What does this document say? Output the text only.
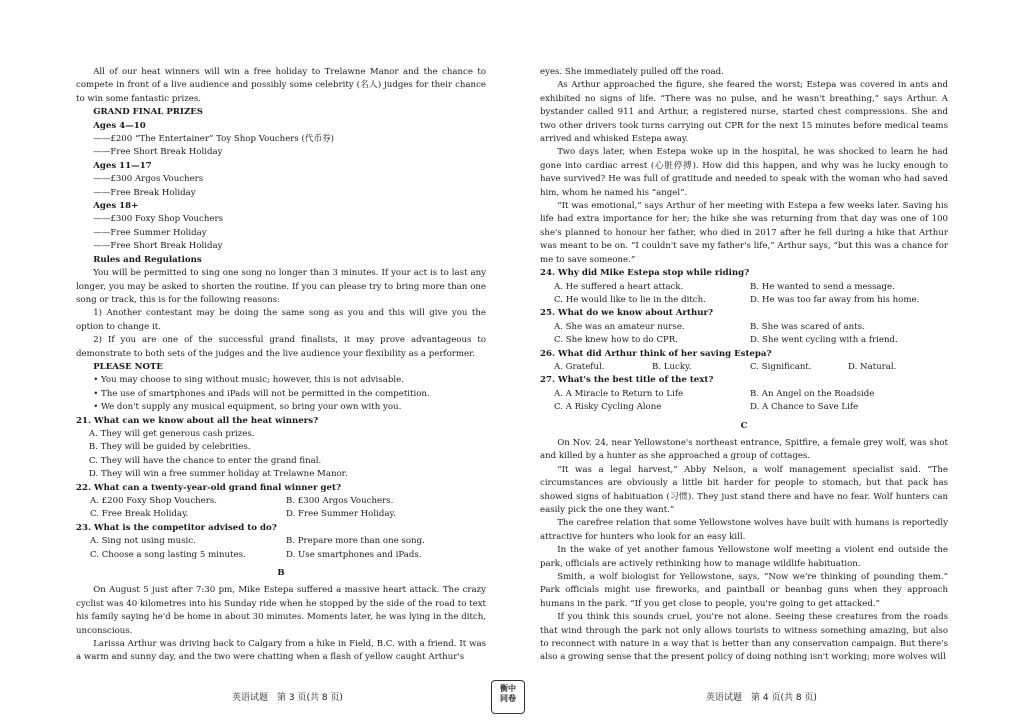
All of our heat winners will win a free holiday to Trelawne Manor and the chance to compete in front of a live audience and possibly some celebrity (名人) judges for their chance to win some fantastic prizes.

GRAND FINAL PRIZES
Ages 4—10
——£200 “The Entertainer” Toy Shop Vouchers (代币券)
——Free Short Break Holiday
Ages 11—17
——£300 Argos Vouchers
——Free Break Holiday
Ages 18+
——£300 Foxy Shop Vouchers
——Free Summer Holiday
——Free Short Break Holiday
Rules and Regulations

You will be permitted to sing one song no longer than 3 minutes. If your act is to last any longer, you may be asked to shorten the routine. If you can please try to bring more than one song or track, this is for the following reasons:

1) Another contestant may be doing the same song as you and this will give you the option to change it.

2) If you are one of the successful grand finalists, it may prove advantageous to demonstrate to both sets of the judges and the live audience your flexibility as a performer.

PLEASE NOTE
• You may choose to sing without music; however, this is not advisable.
• The use of smartphones and iPads will not be permitted in the competition.
• We don't supply any musical equipment, so bring your own with you.
21. What can we know about all the heat winners?
A. They will get generous cash prizes.
B. They will be guided by celebrities.
C. They will have the chance to enter the grand final.
D. They will win a free summer holiday at Trelawne Manor.
22. What can a twenty-year-old grand final winner get?
A. £200 Foxy Shop Vouchers.	B. £300 Argos Vouchers.
C. Free Break Holiday.	D. Free Summer Holiday.
23. What is the competitor advised to do?
A. Sing not using music.	B. Prepare more than one song.
C. Choose a song lasting 5 minutes.	D. Use smartphones and iPads.
B

On August 5 just after 7:30 pm, Mike Estepa suffered a massive heart attack. The crazy cyclist was 40 kilometres into his Sunday ride when he stopped by the side of the road to text his family saying he'd be home in about 30 minutes. Moments later, he was lying in the ditch, unconscious.

Larissa Arthur was driving back to Calgary from a hike in Field, B.C. with a friend. It was a warm and sunny day, and the two were chatting when a flash of yellow caught Arthur's

eyes. She immediately pulled off the road.

As Arthur approached the figure, she feared the worst; Estepa was covered in ants and exhibited no signs of life. “There was no pulse, and he wasn't breathing,” says Arthur. A bystander called 911 and Arthur, a registered nurse, started chest compressions. She and two other drivers took turns carrying out CPR for the next 15 minutes before medical teams arrived and whisked Estepa away.

Two days later, when Estepa woke up in the hospital, he was shocked to learn he had gone into cardiac arrest (心脏停搏). How did this happen, and why was he lucky enough to have survived? He was full of gratitude and needed to speak with the woman who had saved him, whom he named his “angel”.

“It was emotional,” says Arthur of her meeting with Estepa a few weeks later. Saving his life had extra importance for her; the hike she was returning from that day was one of 100 she's planned to honour her father, who died in 2017 after he fell during a hike that Arthur was meant to be on. “I couldn't save my father's life,” Arthur says, “but this was a chance for me to save someone.”

24. Why did Mike Estepa stop while riding?
A. He suffered a heart attack.	B. He wanted to send a message.
C. He would like to lie in the ditch.	D. He was too far away from his home.
25. What do we know about Arthur?
A. She was an amateur nurse.	B. She was scared of ants.
C. She knew how to do CPR.	D. She went cycling with a friend.
26. What did Arthur think of her saving Estepa?
A. Grateful.	B. Lucky.	C. Significant.	D. Natural.
27. What's the best title of the text?
A. A Miracle to Return to Life	B. An Angel on the Roadside
C. A Risky Cycling Alone	D. A Chance to Save Life
C

On Nov. 24, near Yellowstone's northeast entrance, Spitfire, a female grey wolf, was shot and killed by a hunter as she approached a group of cottages.

“It was a legal harvest,” Abby Nelson, a wolf management specialist said. “The circumstances are obviously a little bit harder for people to stomach, but that pack has showed signs of habituation (习惯). They just stand there and have no fear. Wolf hunters can easily pick the one they want.”

The carefree relation that some Yellowstone wolves have built with humans is reportedly attractive for hunters who look for an easy kill.

In the wake of yet another famous Yellowstone wolf meeting a violent end outside the park, officials are actively rethinking how to manage wildlife habituation.

Smith, a wolf biologist for Yellowstone, says, “Now we're thinking of pounding them.” Park officials might use fireworks, and paintball or beanbag guns when they approach humans in the park. “If you get close to people, you're going to get attacked.”

If you think this sounds cruel, you're not alone. Seeing these creatures from the roads that wind through the park not only allows tourists to witness something amazing, but also to reconnect with nature in a way that is better than any conservation campaign. But there's also a growing sense that the present policy of doing nothing isn't working; more wolves will

英语试题　第 3 页(共 8 页)
衡中
同卷	英语试题　第 4 页(共 8 页)
